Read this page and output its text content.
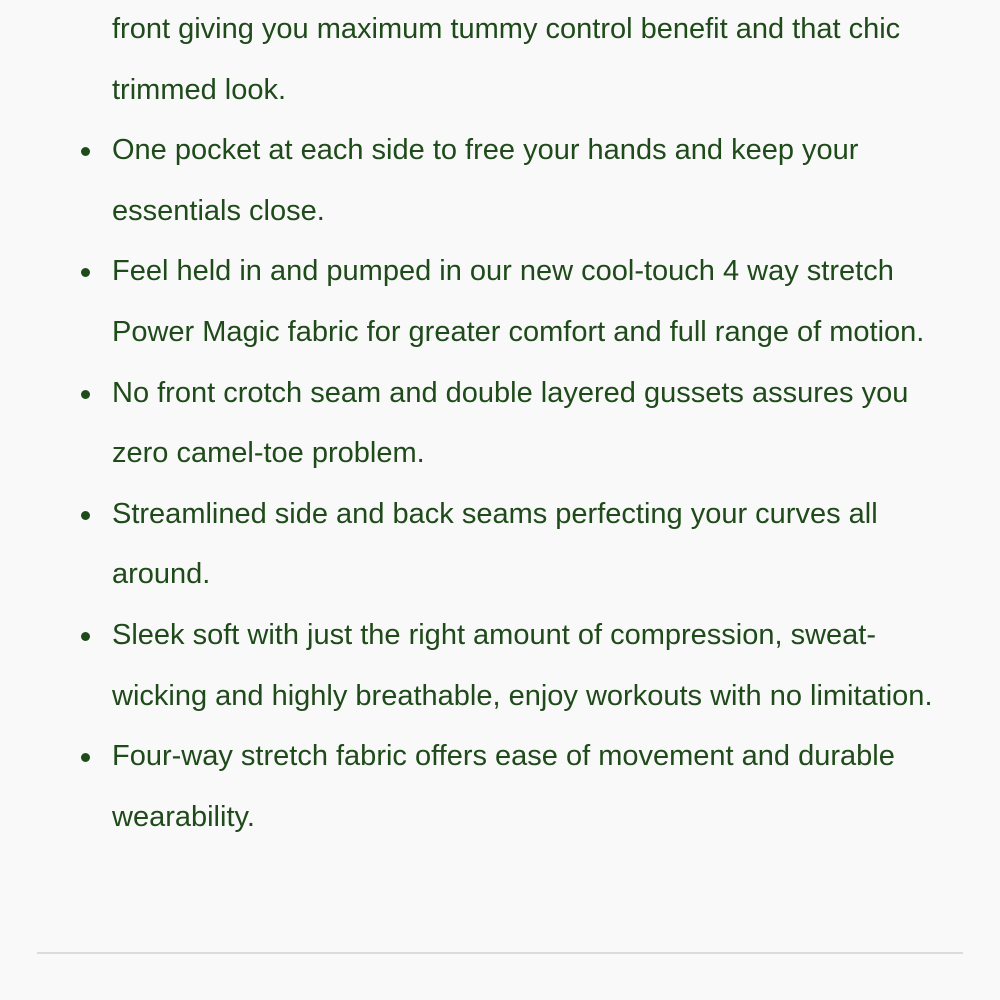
front giving you maximum tummy control benefit and that chic trimmed look.
One pocket at each side to free your hands and keep your essentials close.
Feel held in and pumped in our new cool-touch 4 way stretch Power Magic fabric for greater comfort and full range of motion.
No front crotch seam and double layered gussets assures you zero camel-toe problem.
Streamlined side and back seams perfecting your curves all around.
Sleek soft with just the right amount of compression, sweat-wicking and highly breathable, enjoy workouts with no limitation.
Four-way stretch fabric offers ease of movement and durable wearability.
